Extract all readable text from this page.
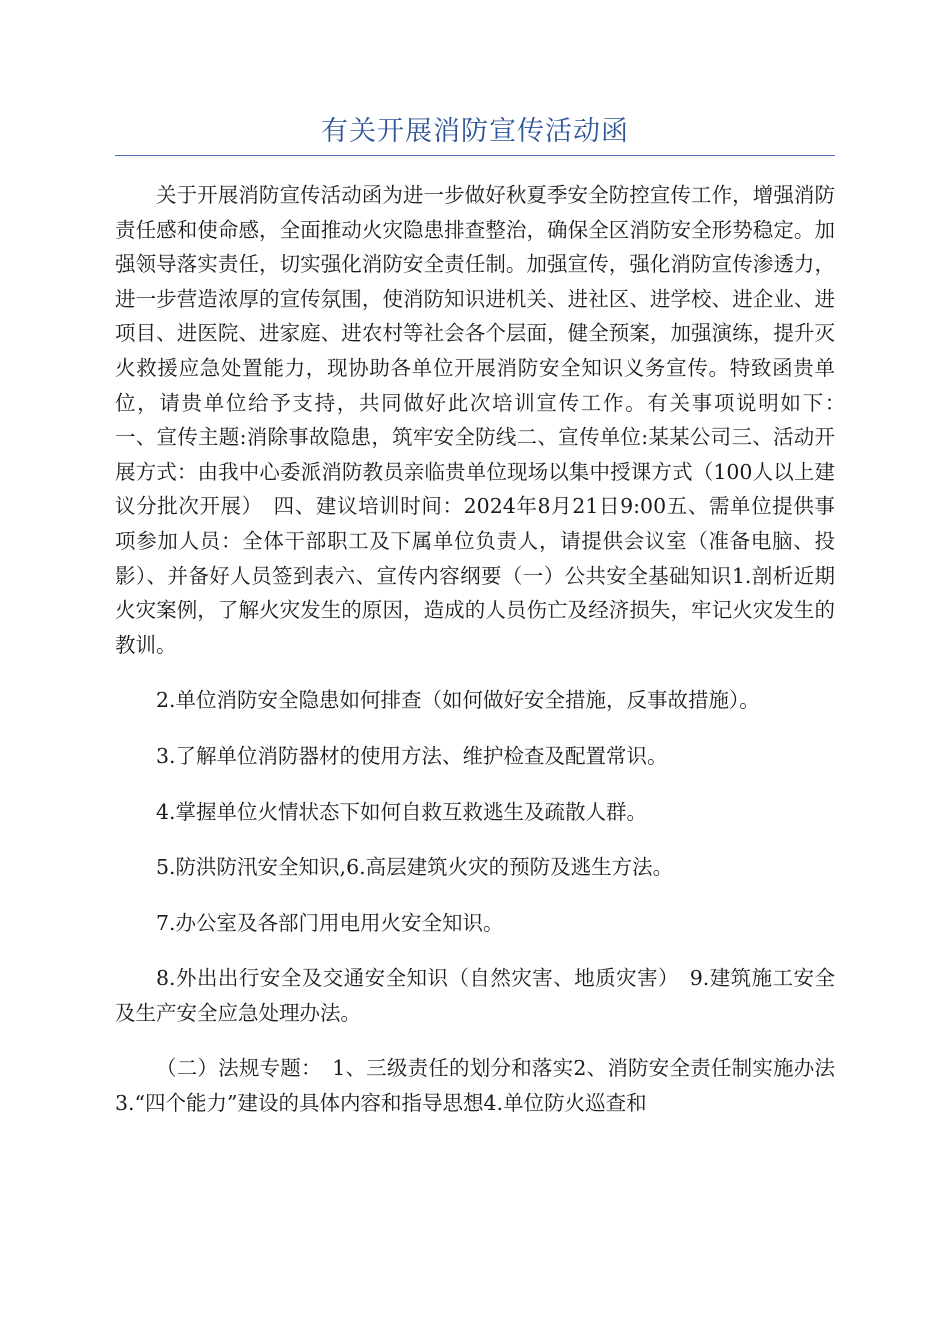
有关开展消防宣传活动函

关于开展消防宣传活动函为进一步做好秋夏季安全防控宣传工作，增强消防责任感和使命感，全面推动火灾隐患排查整治，确保全区消防安全形势稳定。加强领导落实责任，切实强化消防安全责任制。加强宣传，强化消防宣传渗透力，进一步营造浓厚的宣传氛围，使消防知识进机关、进社区、进学校、进企业、进项目、进医院、进家庭、进农村等社会各个层面，健全预案，加强演练，提升灭火救援应急处置能力，现协助各单位开展消防安全知识义务宣传。特致函贵单位，请贵单位给予支持，共同做好此次培训宣传工作。有关事项说明如下：　　一、宣传主题:消除事故隐患，筑牢安全防线二、宣传单位:某某公司三、活动开展方式：由我中心委派消防教员亲临贵单位现场以集中授课方式（100人以上建议分批次开展）　四、建议培训时间：2024年8月21日9:00五、需单位提供事项参加人员：全体干部职工及下属单位负责人，请提供会议室（准备电脑、投影）、并备好人员签到表六、宣传内容纲要（一）公共安全基础知识1.剖析近期火灾案例，了解火灾发生的原因，造成的人员伤亡及经济损失，牢记火灾发生的教训。

2.单位消防安全隐患如何排查（如何做好安全措施，反事故措施）。

3.了解单位消防器材的使用方法、维护检查及配置常识。

4.掌握单位火情状态下如何自救互救逃生及疏散人群。

5.防洪防汛安全知识,6.高层建筑火灾的预防及逃生方法。

7.办公室及各部门用电用火安全知识。

8.外出出行安全及交通安全知识（自然灾害、地质灾害）　9.建筑施工安全及生产安全应急处理办法。

（二）法规专题：　1、三级责任的划分和落实2、消防安全责任制实施办法3.“四个能力”建设的具体内容和指导思想4.单位防火巡查和
